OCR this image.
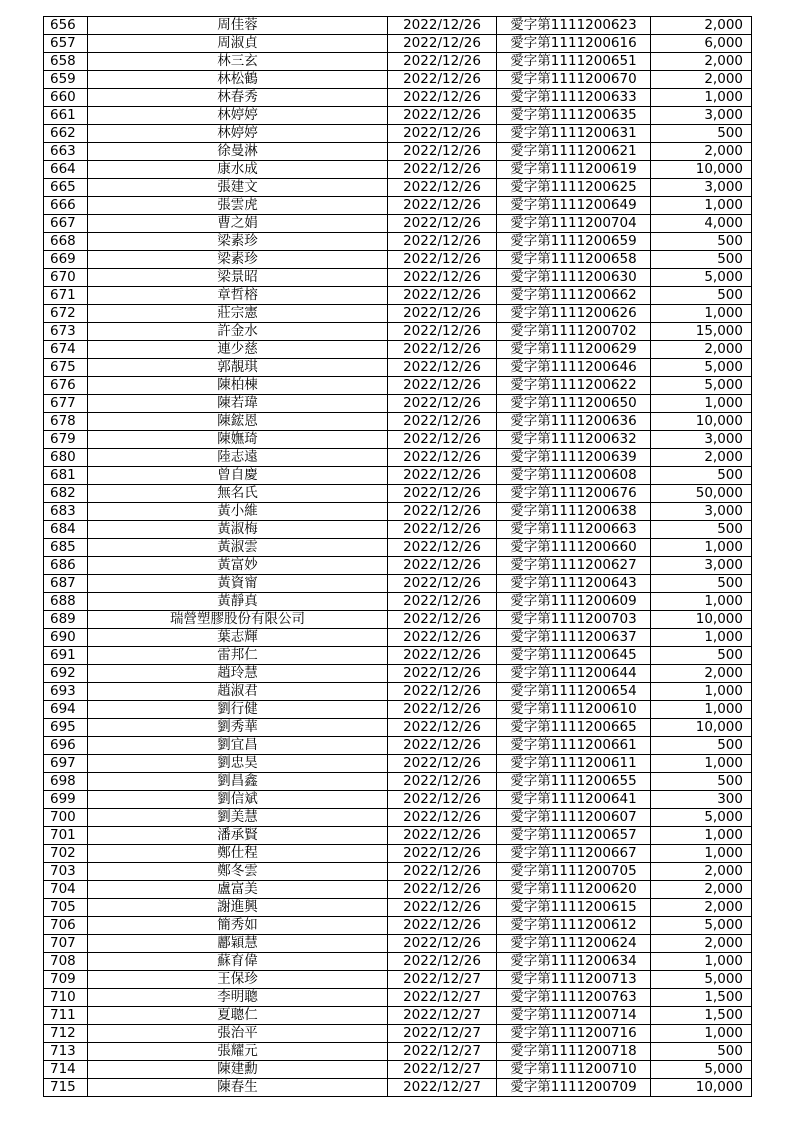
656	周佳蓉	2022/12/26	愛字第1111200623	2,000
657	周淑貞	2022/12/26	愛字第1111200616	6,000
658	林三玄	2022/12/26	愛字第1111200651	2,000
659	林松鶴	2022/12/26	愛字第1111200670	2,000
660	林春秀	2022/12/26	愛字第1111200633	1,000
661	林婷婷	2022/12/26	愛字第1111200635	3,000
662	林婷婷	2022/12/26	愛字第1111200631	500
663	徐曼淋	2022/12/26	愛字第1111200621	2,000
664	康水成	2022/12/26	愛字第1111200619	10,000
665	張建文	2022/12/26	愛字第1111200625	3,000
666	張雲虎	2022/12/26	愛字第1111200649	1,000
667	曹之娟	2022/12/26	愛字第1111200704	4,000
668	梁素珍	2022/12/26	愛字第1111200659	500
669	梁素珍	2022/12/26	愛字第1111200658	500
670	梁景昭	2022/12/26	愛字第1111200630	5,000
671	章哲榕	2022/12/26	愛字第1111200662	500
672	莊宗憲	2022/12/26	愛字第1111200626	1,000
673	許金水	2022/12/26	愛字第1111200702	15,000
674	連少慈	2022/12/26	愛字第1111200629	2,000
675	郭靚琪	2022/12/26	愛字第1111200646	5,000
676	陳柏棟	2022/12/26	愛字第1111200622	5,000
677	陳若瑋	2022/12/26	愛字第1111200650	1,000
678	陳鋐恩	2022/12/26	愛字第1111200636	10,000
679	陳嫵琦	2022/12/26	愛字第1111200632	3,000
680	陸志遠	2022/12/26	愛字第1111200639	2,000
681	曾自慶	2022/12/26	愛字第1111200608	500
682	無名氏	2022/12/26	愛字第1111200676	50,000
683	黃小維	2022/12/26	愛字第1111200638	3,000
684	黃淑梅	2022/12/26	愛字第1111200663	500
685	黃淑雲	2022/12/26	愛字第1111200660	1,000
686	黃富妙	2022/12/26	愛字第1111200627	3,000
687	黃資甯	2022/12/26	愛字第1111200643	500
688	黃靜真	2022/12/26	愛字第1111200609	1,000
689	瑞營塑膠股份有限公司	2022/12/26	愛字第1111200703	10,000
690	葉志輝	2022/12/26	愛字第1111200637	1,000
691	雷邦仁	2022/12/26	愛字第1111200645	500
692	趙玲慧	2022/12/26	愛字第1111200644	2,000
693	趙淑君	2022/12/26	愛字第1111200654	1,000
694	劉行健	2022/12/26	愛字第1111200610	1,000
695	劉秀華	2022/12/26	愛字第1111200665	10,000
696	劉宜昌	2022/12/26	愛字第1111200661	500
697	劉忠昊	2022/12/26	愛字第1111200611	1,000
698	劉昌鑫	2022/12/26	愛字第1111200655	500
699	劉信斌	2022/12/26	愛字第1111200641	300
700	劉美慧	2022/12/26	愛字第1111200607	5,000
701	潘承賢	2022/12/26	愛字第1111200657	1,000
702	鄭仕程	2022/12/26	愛字第1111200667	1,000
703	鄭冬雲	2022/12/26	愛字第1111200705	2,000
704	盧富美	2022/12/26	愛字第1111200620	2,000
705	謝進興	2022/12/26	愛字第1111200615	2,000
706	簡秀如	2022/12/26	愛字第1111200612	5,000
707	酈穎慧	2022/12/26	愛字第1111200624	2,000
708	蘇育偉	2022/12/26	愛字第1111200634	1,000
709	王保珍	2022/12/27	愛字第1111200713	5,000
710	李明聰	2022/12/27	愛字第1111200763	1,500
711	夏聰仁	2022/12/27	愛字第1111200714	1,500
712	張治平	2022/12/27	愛字第1111200716	1,000
713	張耀元	2022/12/27	愛字第1111200718	500
714	陳建勳	2022/12/27	愛字第1111200710	5,000
715	陳春生	2022/12/27	愛字第1111200709	10,000
